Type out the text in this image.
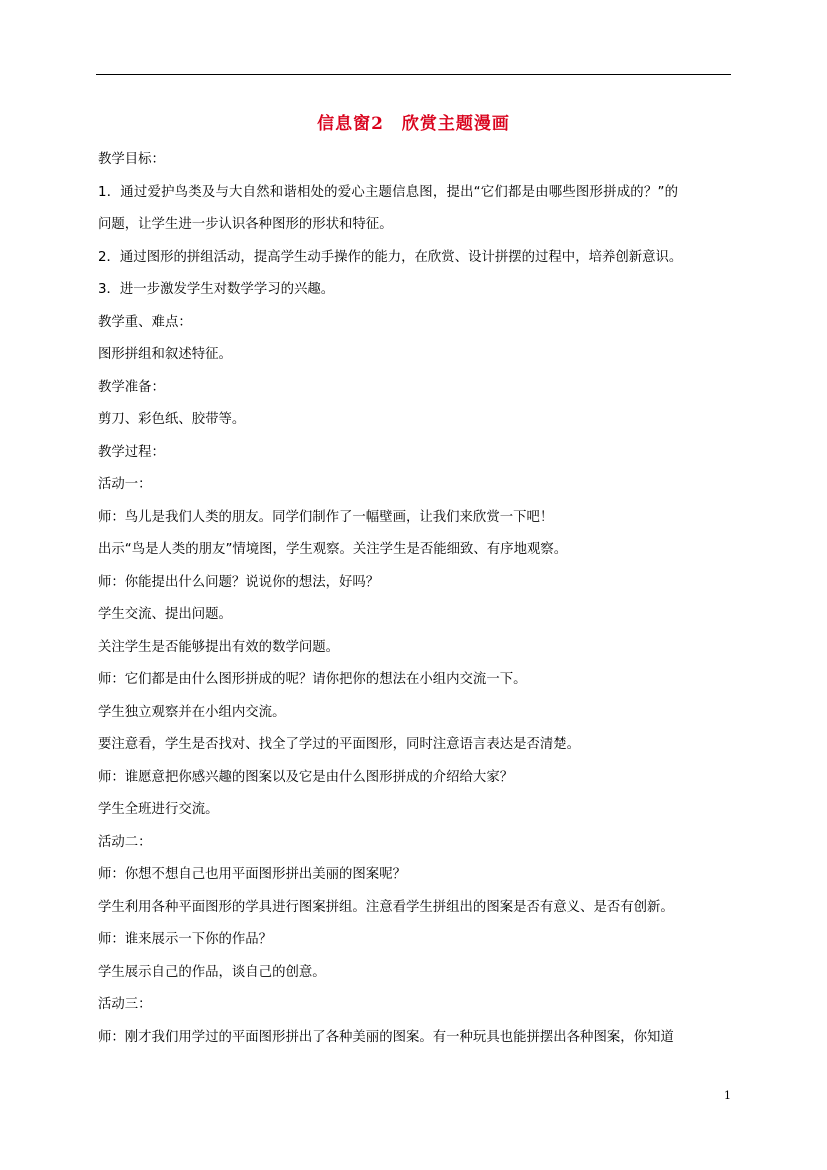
信息窗2　欣赏主题漫画
教学目标：
1．通过爱护鸟类及与大自然和谐相处的爱心主题信息图，提出“它们都是由哪些图形拼成的？”的
问题，让学生进一步认识各种图形的形状和特征。
2．通过图形的拼组活动，提高学生动手操作的能力，在欣赏、设计拼摆的过程中，培养创新意识。
3．进一步激发学生对数学学习的兴趣。
教学重、难点：
图形拼组和叙述特征。
教学准备：
剪刀、彩色纸、胶带等。
教学过程：
活动一：
师：鸟儿是我们人类的朋友。同学们制作了一幅壁画，让我们来欣赏一下吧！
出示“鸟是人类的朋友”情境图，学生观察。关注学生是否能细致、有序地观察。
师：你能提出什么问题？说说你的想法，好吗？
学生交流、提出问题。
关注学生是否能够提出有效的数学问题。
师：它们都是由什么图形拼成的呢？请你把你的想法在小组内交流一下。
学生独立观察并在小组内交流。
要注意看，学生是否找对、找全了学过的平面图形，同时注意语言表达是否清楚。
师：谁愿意把你感兴趣的图案以及它是由什么图形拼成的介绍给大家？
学生全班进行交流。
活动二：
师：你想不想自己也用平面图形拼出美丽的图案呢？
学生利用各种平面图形的学具进行图案拼组。注意看学生拼组出的图案是否有意义、是否有创新。
师：谁来展示一下你的作品？
学生展示自己的作品，谈自己的创意。
活动三：
师：刚才我们用学过的平面图形拼出了各种美丽的图案。有一种玩具也能拼摆出各种图案，你知道
1
